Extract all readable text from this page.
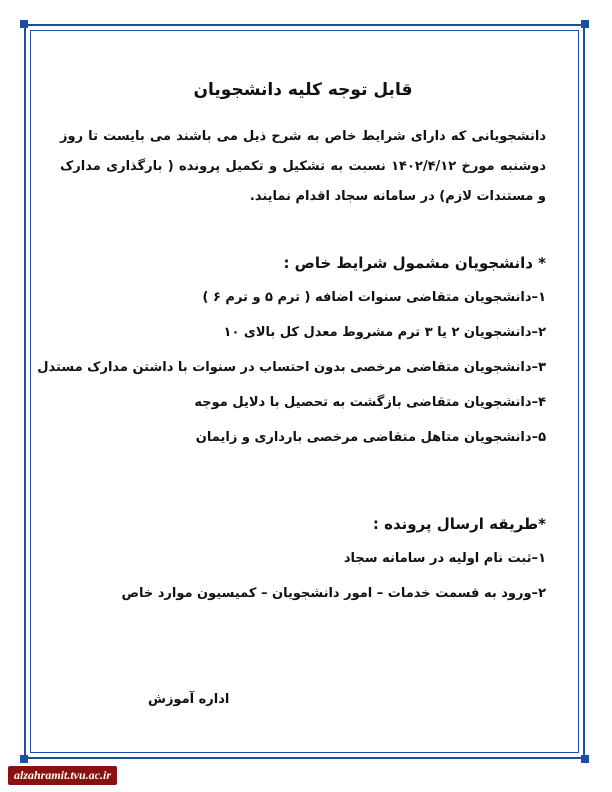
قابل توجه کلیه دانشجویان
دانشجویانی که دارای شرایط خاص به شرح ذیل می باشند می بایست تا روز دوشنبه مورخ ۱۴۰۲/۴/۱۲ نسبت به تشکیل و تکمیل پرونده ( بارگذاری مدارک و مستندات لازم) در سامانه سجاد اقدام نمایند.
* دانشجویان مشمول شرایط خاص :
۱–دانشجویان متقاضی سنوات اضافه ( ترم ۵ و ترم ۶ )
۲–دانشجویان ۲ یا ۳ ترم مشروط معدل کل بالای ۱۰
۳–دانشجویان متقاضی مرخصی بدون احتساب در سنوات با داشتن مدارک مستدل
۴–دانشجویان متقاضی بازگشت به تحصیل با دلایل موجه
۵–دانشجویان متاهل متقاضی مرخصی بارداری و زایمان
*طریقه ارسال پرونده :
۱–ثبت نام اولیه در سامانه سجاد
۲–ورود به قسمت خدمات – امور دانشجویان – کمیسیون موارد خاص
اداره آموزش
alzahramit.tvu.ac.ir
